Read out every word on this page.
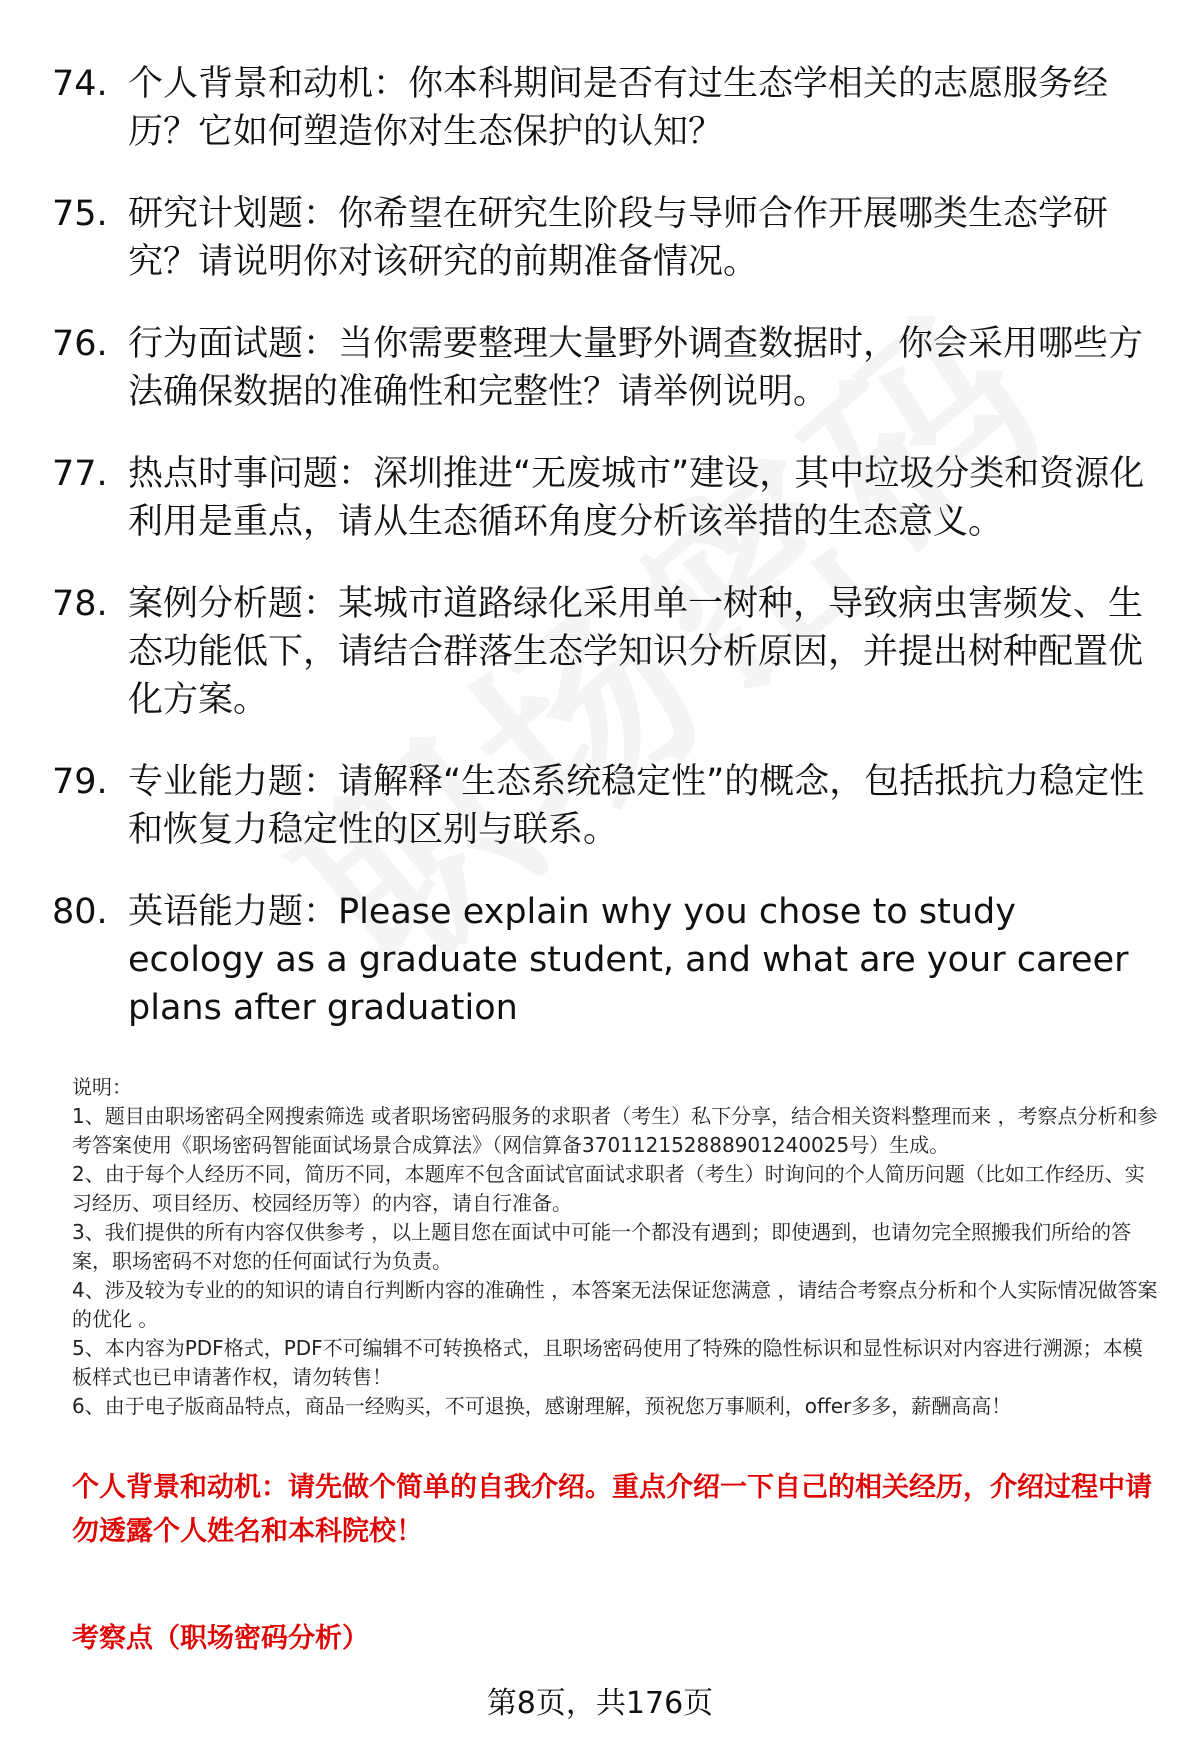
74. 个人背景和动机：你本科期间是否有过生态学相关的志愿服务经历？它如何塑造你对生态保护的认知？
75. 研究计划题：你希望在研究生阶段与导师合作开展哪类生态学研究？请说明你对该研究的前期准备情况。
76. 行为面试题：当你需要整理大量野外调查数据时，你会采用哪些方法确保数据的准确性和完整性？请举例说明。
77. 热点时事问题：深圳推进“无废城市”建设，其中垃圾分类和资源化利用是重点，请从生态循环角度分析该举措的生态意义。
78. 案例分析题：某城市道路绿化采用单一树种，导致病虫害频发、生态功能低下，请结合群落生态学知识分析原因，并提出树种配置优化方案。
79. 专业能力题：请解释“生态系统稳定性”的概念，包括抵抗力稳定性和恢复力稳定性的区别与联系。
80. 英语能力题：Please explain why you chose to study ecology as a graduate student, and what are your career plans after graduation

说明：

1、题目由职场密码全网搜索筛选 或者职场密码服务的求职者（考生）私下分享，结合相关资料整理而来 ，考察点分析和参考答案使用《职场密码智能面试场景合成算法》（网信算备370112152888901240025号）生成。

2、由于每个人经历不同，简历不同，本题库不包含面试官面试求职者（考生）时询问的个人简历问题（比如工作经历、实习经历、项目经历、校园经历等）的内容，请自行准备。

3、我们提供的所有内容仅供参考 ，以上题目您在面试中可能一个都没有遇到；即使遇到，也请勿完全照搬我们所给的答案，职场密码不对您的任何面试行为负责。

4、涉及较为专业的的知识的请自行判断内容的准确性 ，本答案无法保证您满意 ，请结合考察点分析和个人实际情况做答案的优化 。

5、本内容为PDF格式，PDF不可编辑不可转换格式，且职场密码使用了特殊的隐性标识和显性标识对内容进行溯源；本模板样式也已申请著作权，请勿转售！

6、由于电子版商品特点，商品一经购买，不可退换，感谢理解，预祝您万事顺利，offer多多，薪酬高高！

个人背景和动机：请先做个简单的自我介绍。重点介绍一下自己的相关经历，介绍过程中请勿透露个人姓名和本科院校！
考察点（职场密码分析）
第8页，共176页
